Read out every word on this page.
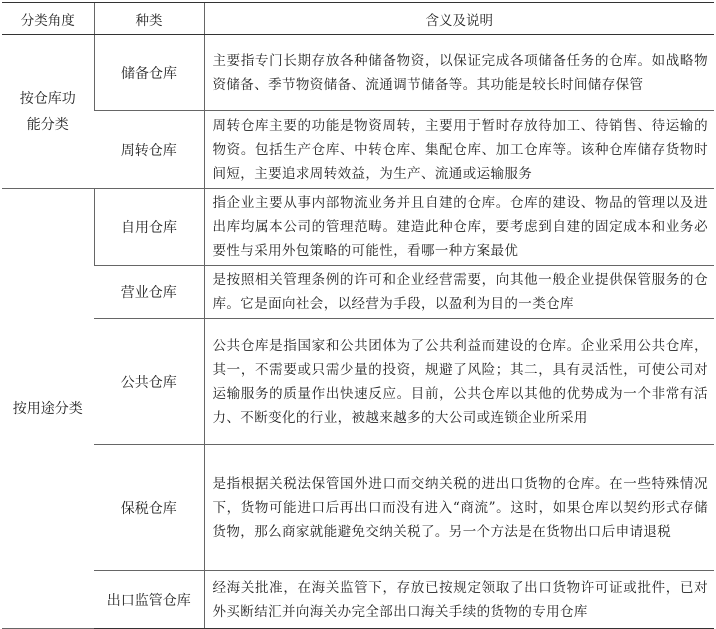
分类角度	种类	含义及说明
按仓库功能分类	储备仓库	主要指专门长期存放各种储备物资，以保证完成各项储备任务的仓库。如战略物资储备、季节物资储备、流通调节储备等。其功能是较长时间储存保管
	周转仓库	周转仓库主要的功能是物资周转，主要用于暂时存放待加工、待销售、待运输的物资。包括生产仓库、中转仓库、集配仓库、加工仓库等。该种仓库储存货物时间短，主要追求周转效益，为生产、流通或运输服务
按用途分类	自用仓库	指企业主要从事内部物流业务并且自建的仓库。仓库的建设、物品的管理以及进出库均属本公司的管理范畴。建造此种仓库，要考虑到自建的固定成本和业务必要性与采用外包策略的可能性，看哪一种方案最优
	营业仓库	是按照相关管理条例的许可和企业经营需要，向其他一般企业提供保管服务的仓库。它是面向社会，以经营为手段，以盈利为目的一类仓库
	公共仓库	公共仓库是指国家和公共团体为了公共利益而建设的仓库。企业采用公共仓库，其一，不需要或只需少量的投资，规避了风险；其二，具有灵活性，可使公司对运输服务的质量作出快速反应。目前，公共仓库以其他的优势成为一个非常有活力、不断变化的行业，被越来越多的大公司或连锁企业所采用
	保税仓库	是指根据关税法保管国外进口而交纳关税的进出口货物的仓库。在一些特殊情况下，货物可能进口后再出口而没有进入“商流”。这时，如果仓库以契约形式存储货物，那么商家就能避免交纳关税了。另一个方法是在货物出口后申请退税
	出口监管仓库	经海关批准，在海关监管下，存放已按规定领取了出口货物许可证或批件，已对外买断结汇并向海关办完全部出口海关手续的货物的专用仓库
